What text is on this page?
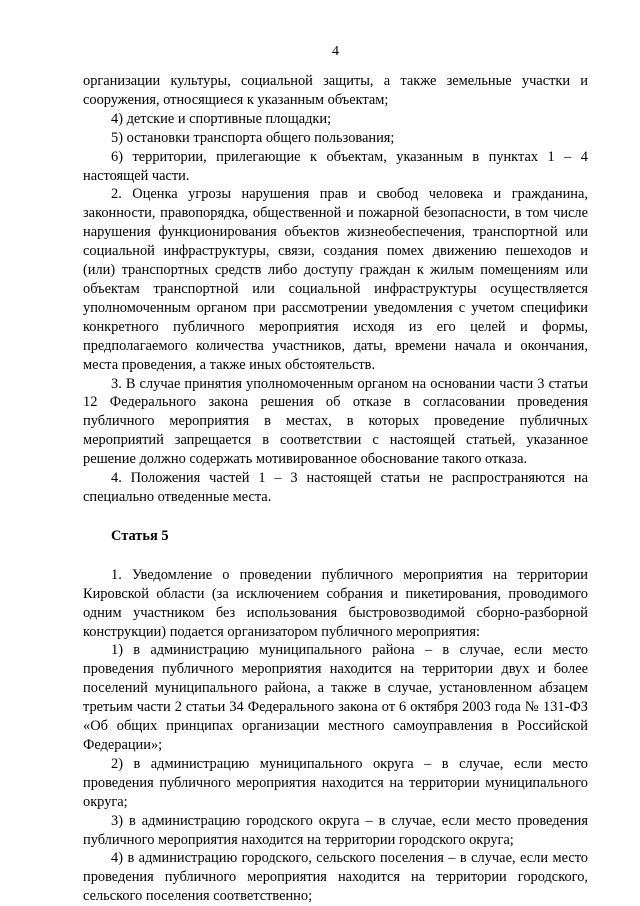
4

организации культуры, социальной защиты, а также земельные участки и сооружения, относящиеся к указанным объектам;

4) детские и спортивные площадки;

5) остановки транспорта общего пользования;

6) территории, прилегающие к объектам, указанным в пунктах 1 – 4 настоящей части.

2. Оценка угрозы нарушения прав и свобод человека и гражданина, законности, правопорядка, общественной и пожарной безопасности, в том числе нарушения функционирования объектов жизнеобеспечения, транспортной или социальной инфраструктуры, связи, создания помех движению пешеходов и (или) транспортных средств либо доступу граждан к жилым помещениям или объектам транспортной или социальной инфраструктуры осуществляется уполномоченным органом при рассмотрении уведомления с учетом специфики конкретного публичного мероприятия исходя из его целей и формы, предполагаемого количества участников, даты, времени начала и окончания, места проведения, а также иных обстоятельств.

3. В случае принятия уполномоченным органом на основании части 3 статьи 12 Федерального закона решения об отказе в согласовании проведения публичного мероприятия в местах, в которых проведение публичных мероприятий запрещается в соответствии с настоящей статьей, указанное решение должно содержать мотивированное обоснование такого отказа.

4. Положения частей 1 – 3 настоящей статьи не распространяются на специально отведенные места.

Статья 5

1. Уведомление о проведении публичного мероприятия на территории Кировской области (за исключением собрания и пикетирования, проводимого одним участником без использования быстровозводимой сборно-разборной конструкции) подается организатором публичного мероприятия:

1) в администрацию муниципального района – в случае, если место проведения публичного мероприятия находится на территории двух и более поселений муниципального района, а также в случае, установленном абзацем третьим части 2 статьи 34 Федерального закона от 6 октября 2003 года № 131-ФЗ «Об общих принципах организации местного самоуправления в Российской Федерации»;

2) в администрацию муниципального округа – в случае, если место проведения публичного мероприятия находится на территории муниципального округа;

3) в администрацию городского округа – в случае, если место проведения публичного мероприятия находится на территории городского округа;

4) в администрацию городского, сельского поселения – в случае, если место проведения публичного мероприятия находится на территории городского, сельского поселения соответственно;
